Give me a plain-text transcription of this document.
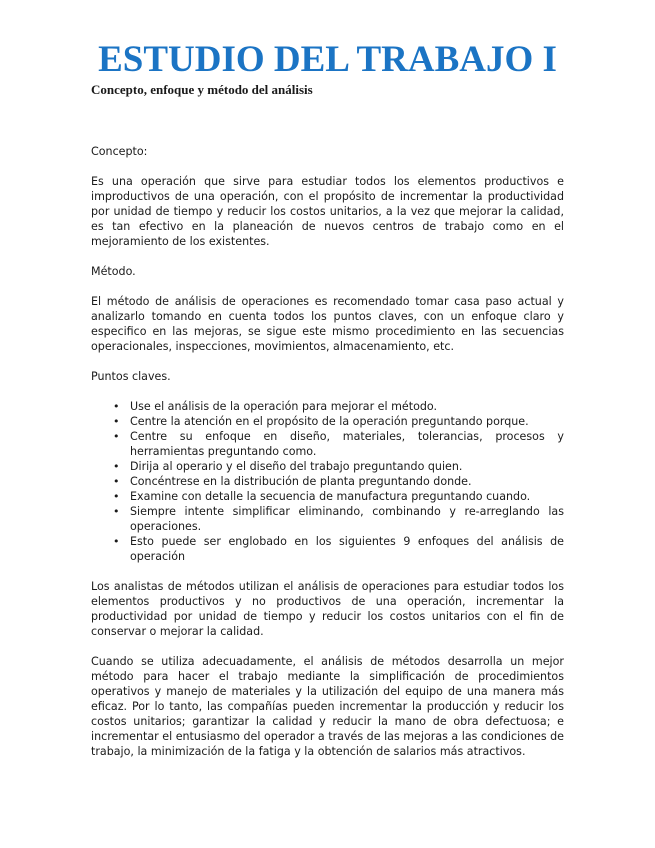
ESTUDIO DEL TRABAJO I
Concepto, enfoque y método del análisis

Concepto:

Es una operación que sirve para estudiar todos los elementos productivos e improductivos de una operación, con el propósito de incrementar la productividad por unidad de tiempo y reducir los costos unitarios, a la vez que mejorar la calidad, es tan efectivo en la planeación de nuevos centros de trabajo como en el mejoramiento de los existentes.

Método.

El método de análisis de operaciones es recomendado tomar casa paso actual y analizarlo tomando en cuenta todos los puntos claves, con un enfoque claro y especifico en las mejoras, se sigue este mismo procedimiento en las secuencias operacionales, inspecciones, movimientos, almacenamiento, etc.

Puntos claves.

• Use el análisis de la operación para mejorar el método.
• Centre la atención en el propósito de la operación preguntando porque.
• Centre su enfoque en diseño, materiales, tolerancias, procesos y herramientas preguntando como.
• Dirija al operario y el diseño del trabajo preguntando quien.
• Concéntrese en la distribución de planta preguntando donde.
• Examine con detalle la secuencia de manufactura preguntando cuando.
• Siempre intente simplificar eliminando, combinando y re-arreglando las operaciones.
• Esto puede ser englobado en los siguientes 9 enfoques del análisis de operación

Los analistas de métodos utilizan el análisis de operaciones para estudiar todos los elementos productivos y no productivos de una operación, incrementar la productividad por unidad de tiempo y reducir los costos unitarios con el fin de conservar o mejorar la calidad.

Cuando se utiliza adecuadamente, el análisis de métodos desarrolla un mejor método para hacer el trabajo mediante la simplificación de procedimientos operativos y manejo de materiales y la utilización del equipo de una manera más eficaz. Por lo tanto, las compañías pueden incrementar la producción y reducir los costos unitarios; garantizar la calidad y reducir la mano de obra defectuosa; e incrementar el entusiasmo del operador a través de las mejoras a las condiciones de trabajo, la minimización de la fatiga y la obtención de salarios más atractivos.
